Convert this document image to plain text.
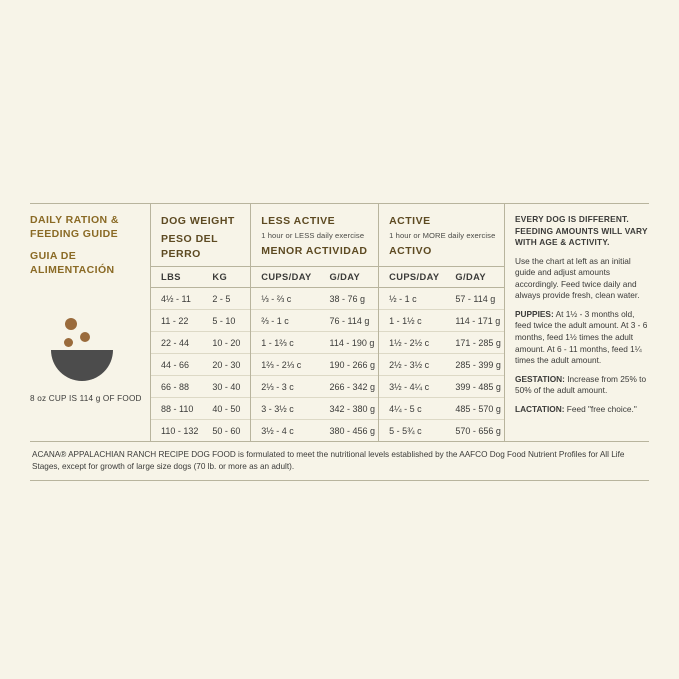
DAILY RATION & FEEDING GUIDE
GUIA DE ALIMENTACIÓN
8 oz CUP IS 114 g OF FOOD
DOG WEIGHT
PESO DEL PERRO		LESS ACTIVE
1 hour or LESS daily exercise
MENOR ACTIVIDAD		ACTIVE
1 hour or MORE daily exercise
ACTIVO	

LBS	KG	CUPS/DAY	G/DAY	CUPS/DAY	G/DAY
4½ - 11	2 - 5	⅓ - ⅔ c	38 - 76 g	½ - 1 c	57 - 114 g
11 - 22	5 - 10	⅔ - 1 c	76 - 114 g	1 - 1½ c	114 - 171 g
22 - 44	10 - 20	1 - 1⅔ c	114 - 190 g	1½ - 2½ c	171 - 285 g
44 - 66	20 - 30	1⅔ - 2⅓ c	190 - 266 g	2½ - 3½ c	285 - 399 g
66 - 88	30 - 40	2⅓ - 3 c	266 - 342 g	3½ - 4¼ c	399 - 485 g
88 - 110	40 - 50	3 - 3½ c	342 - 380 g	4¼ - 5 c	485 - 570 g
110 - 132	50 - 60	3½ - 4 c	380 - 456 g	5 - 5¾ c	570 - 656 g

EVERY DOG IS DIFFERENT. FEEDING AMOUNTS WILL VARY WITH AGE & ACTIVITY.

Use the chart at left as an initial guide and adjust amounts accordingly. Feed twice daily and always provide fresh, clean water.

PUPPIES: At 1½ - 3 months old, feed twice the adult amount. At 3 - 6 months, feed 1½ times the adult amount. At 6 - 11 months, feed 1¼ times the adult amount.

GESTATION: Increase from 25% to 50% of the adult amount.

LACTATION: Feed "free choice."

ACANA® APPALACHIAN RANCH RECIPE DOG FOOD is formulated to meet the nutritional levels established by the AAFCO Dog Food Nutrient Profiles for All Life Stages, except for growth of large size dogs (70 lb. or more as an adult).
